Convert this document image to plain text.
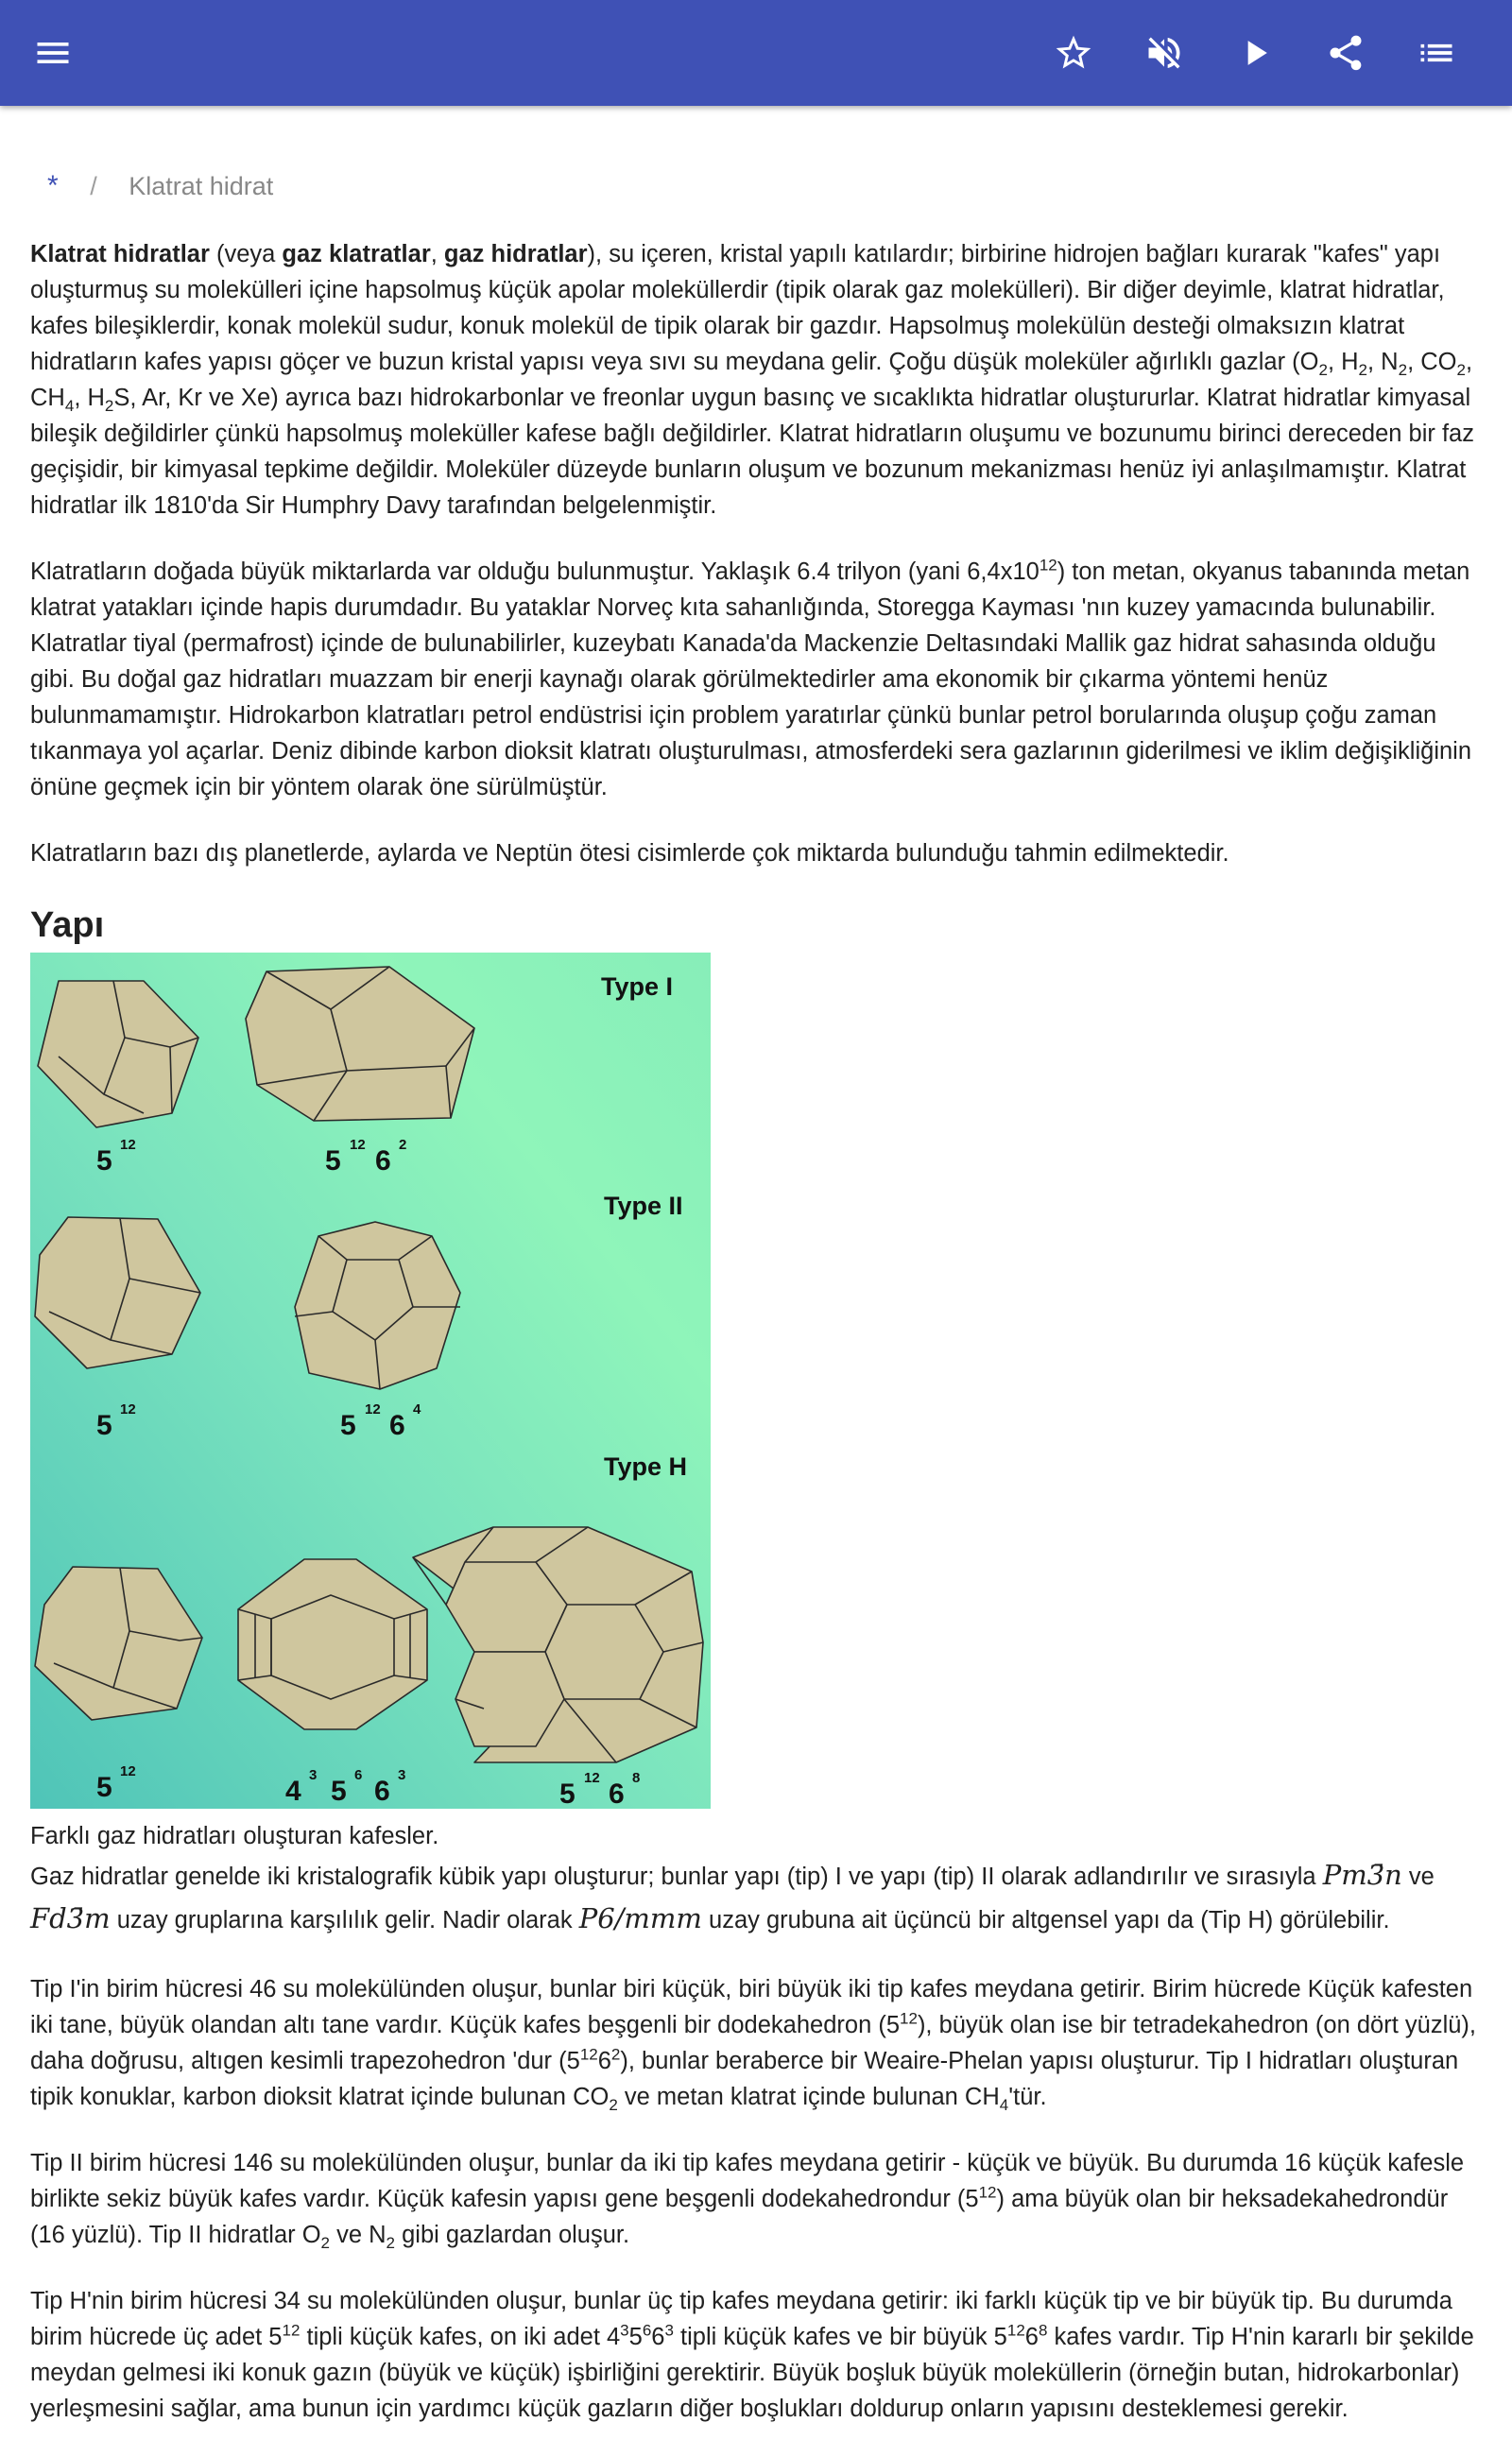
* / Klatrat hidrat

Klatrat hidratlar (veya gaz klatratlar, gaz hidratlar), su içeren, kristal yapılı katılardır; birbirine hidrojen bağları kurarak "kafes" yapı oluşturmuş su molekülleri içine hapsolmuş küçük apolar moleküllerdir (tipik olarak gaz molekülleri). Bir diğer deyimle, klatrat hidratlar, kafes bileşiklerdir, konak molekül sudur, konuk molekül de tipik olarak bir gazdır. Hapsolmuş molekülün desteği olmaksızın klatrat hidratların kafes yapısı göçer ve buzun kristal yapısı veya sıvı su meydana gelir. Çoğu düşük moleküler ağırlıklı gazlar ($O_2$, $H_2$, $N_2$, $CO_2$, $CH_4$, $H_2S$, Ar, Kr ve Xe) ayrıca bazı hidrokarbonlar ve freonlar uygun basınç ve sıcaklıkta hidratlar oluştururlar. Klatrat hidratlar kimyasal bileşik değildirler çünkü hapsolmuş moleküller kafese bağlı değildirler. Klatrat hidratların oluşumu ve bozunumu birinci dereceden bir faz geçişidir, bir kimyasal tepkime değildir. Moleküler düzeyde bunların oluşum ve bozunum mekanizması henüz iyi anlaşılmamıştır. Klatrat hidratlar ilk 1810'da Sir Humphry Davy tarafından belgelenmiştir.

Klatratların doğada büyük miktarlarda var olduğu bulunmuştur. Yaklaşık 6.4 trilyon (yani $6,4x10^{12}$) ton metan, okyanus tabanında metan klatrat yatakları içinde hapis durumdadır. Bu yataklar Norveç kıta sahanlığında, Storegga Kayması 'nın kuzey yamacında bulunabilir. Klatratlar tiyal (permafrost) içinde de bulunabilirler, kuzeybatı Kanada'da Mackenzie Deltasındaki Mallik gaz hidrat sahasında olduğu gibi. Bu doğal gaz hidratları muazzam bir enerji kaynağı olarak görülmektedirler ama ekonomik bir çıkarma yöntemi henüz bulunmamamıştır. Hidrokarbon klatratları petrol endüstrisi için problem yaratırlar çünkü bunlar petrol borularında oluşup çoğu zaman tıkanmaya yol açarlar. Deniz dibinde karbon dioksit klatratı oluşturulması, atmosferdeki sera gazlarının giderilmesi ve iklim değişikliğinin önüne geçmek için bir yöntem olarak öne sürülmüştür.

Klatratların bazı dış planetlerde, aylarda ve Neptün ötesi cisimlerde çok miktarda bulunduğu tahmin edilmektedir.

Yapı
Type I
Type II
Type H
5
12
5
12
6
2
5
12
5
12
6
4
5
12
4
3
5
6
6
3
5
12
6
8

Farklı gaz hidratları oluşturan kafesler.

Gaz hidratlar genelde iki kristalografik kübik yapı oluşturur; bunlar yapı (tip) I ve yapı (tip) II olarak adlandırılır ve sırasıyla Pm3̄n ve Fd3̄m uzay gruplarına karşılılık gelir. Nadir olarak P6/mmm uzay grubuna ait üçüncü bir altgensel yapı da (Tip H) görülebilir.

Tip I'in birim hücresi 46 su molekülünden oluşur, bunlar biri küçük, biri büyük iki tip kafes meydana getirir. Birim hücrede Küçük kafesten iki tane, büyük olandan altı tane vardır. Küçük kafes beşgenli bir dodekahedron $(5^{12})$, büyük olan ise bir tetradekahedron (on dört yüzlü), daha doğrusu, altıgen kesimli trapezohedron 'dur $(5^{12}6^2)$, bunlar beraberce bir Weaire-Phelan yapısı oluşturur. Tip I hidratları oluşturan tipik konuklar, karbon dioksit klatrat içinde bulunan $CO_2$ ve metan klatrat içinde bulunan $CH_4'tür$.

Tip II birim hücresi 146 su molekülünden oluşur, bunlar da iki tip kafes meydana getirir - küçük ve büyük. Bu durumda 16 küçük kafesle birlikte sekiz büyük kafes vardır. Küçük kafesin yapısı gene beşgenli dodekahedrondur $(5^{12})$ ama büyük olan bir heksadekahedrondür (16 yüzlü). Tip II hidratlar $O_2$ ve $N_2$ gibi gazlardan oluşur.

Tip H'nin birim hücresi 34 su molekülünden oluşur, bunlar üç tip kafes meydana getirir: iki farklı küçük tip ve bir büyük tip. Bu durumda birim hücrede üç adet $5^{12}$ tipli küçük kafes, on iki adet $4^35^66^3$ tipli küçük kafes ve bir büyük $5^{12}6^8$ kafes vardır. Tip H'nin kararlı bir şekilde meydan gelmesi iki konuk gazın (büyük ve küçük) işbirliğini gerektirir. Büyük boşluk büyük moleküllerin (örneğin butan, hidrokarbonlar) yerleşmesini sağlar, ama bunun için yardımcı küçük gazların diğer boşlukları doldurup onların yapısını desteklemesi gerekir.
